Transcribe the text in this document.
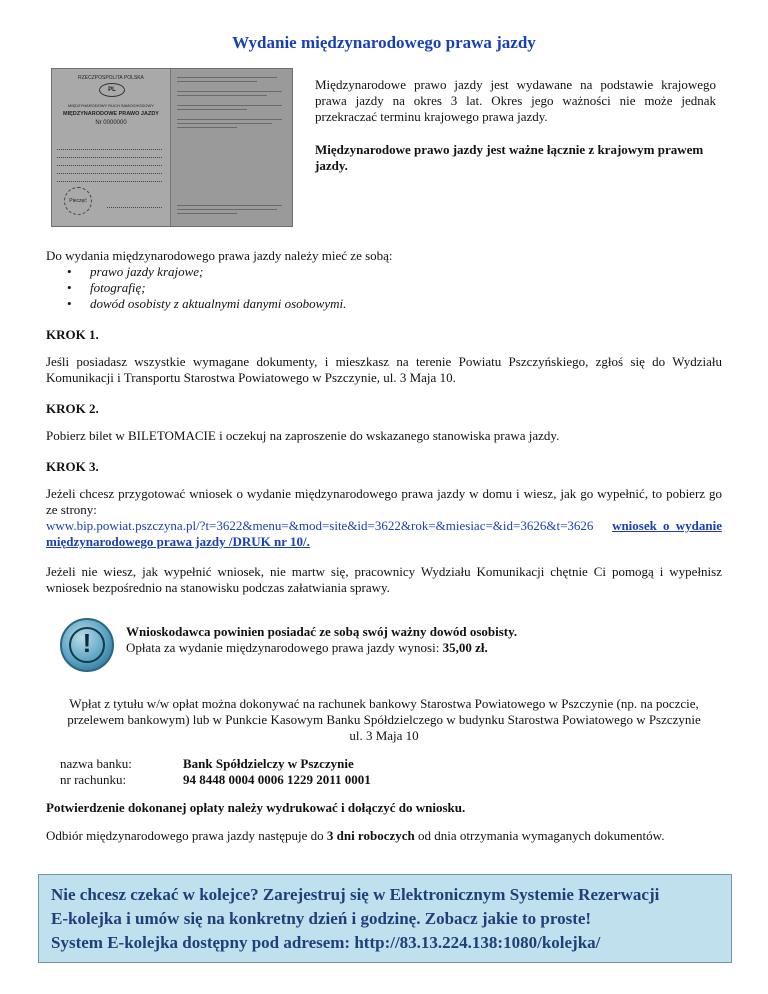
Wydanie międzynarodowego prawa jazdy
RZECZPOSPOLITA POLSKA
PL
MIĘDZYNARODOWY RUCH SAMOCHODOWY
MIĘDZYNARODOWE PRAWO JAZDY
Nr 0000000
Pieczęć
Międzynarodowe prawo jazdy jest wydawane na podstawie krajowego prawa jazdy na okres 3 lat. Okres jego ważności nie może jednak przekraczać terminu krajowego prawa jazdy.
Międzynarodowe prawo jazdy jest ważne łącznie z krajowym prawem jazdy.
Do wydania międzynarodowego prawa jazdy należy mieć ze sobą:
• prawo jazdy krajowe;
• fotografię;
• dowód osobisty z aktualnymi danymi osobowymi.
KROK 1.
Jeśli posiadasz wszystkie wymagane dokumenty, i mieszkasz na terenie Powiatu Pszczyńskiego, zgłoś się do Wydziału Komunikacji i Transportu Starostwa Powiatowego w Pszczynie, ul. 3 Maja 10.
KROK 2.
Pobierz bilet w BILETOMACIE i oczekuj na zaproszenie do wskazanego stanowiska prawa jazdy.
KROK 3.
Jeżeli chcesz przygotować wniosek o wydanie międzynarodowego prawa jazdy w domu i wiesz, jak go wypełnić, to pobierz go ze strony:
www.bip.powiat.pszczyna.pl/?t=3622&menu=&mod=site&id=3622&rok=&miesiac=&id=3626&t=3626 wniosek o wydanie międzynarodowego prawa jazdy /DRUK nr 10/.
Jeżeli nie wiesz, jak wypełnić wniosek, nie martw się, pracownicy Wydziału Komunikacji chętnie Ci pomogą i wypełnisz wniosek bezpośrednio na stanowisku podczas załatwiania sprawy.
!	Wnioskodawca powinien posiadać ze sobą swój ważny dowód osobisty.
Opłata za wydanie międzynarodowego prawa jazdy wynosi: 35,00 zł.
Wpłat z tytułu w/w opłat można dokonywać na rachunek bankowy Starostwa Powiatowego w Pszczynie (np. na poczcie, przelewem bankowym) lub w Punkcie Kasowym Banku Spółdzielczego w budynku Starostwa Powiatowego w Pszczynie ul. 3 Maja 10
nazwa banku:	Bank Spółdzielczy w Pszczynie
nr rachunku:	94 8448 0004 0006 1229 2011 0001
Potwierdzenie dokonanej opłaty należy wydrukować i dołączyć do wniosku.
Odbiór międzynarodowego prawa jazdy następuje do 3 dni roboczych od dnia otrzymania wymaganych dokumentów.
Nie chcesz czekać w kolejce? Zarejestruj się w Elektronicznym Systemie Rezerwacji
E-kolejka i umów się na konkretny dzień i godzinę. Zobacz jakie to proste!
System E-kolejka dostępny pod adresem: http://83.13.224.138:1080/kolejka/
